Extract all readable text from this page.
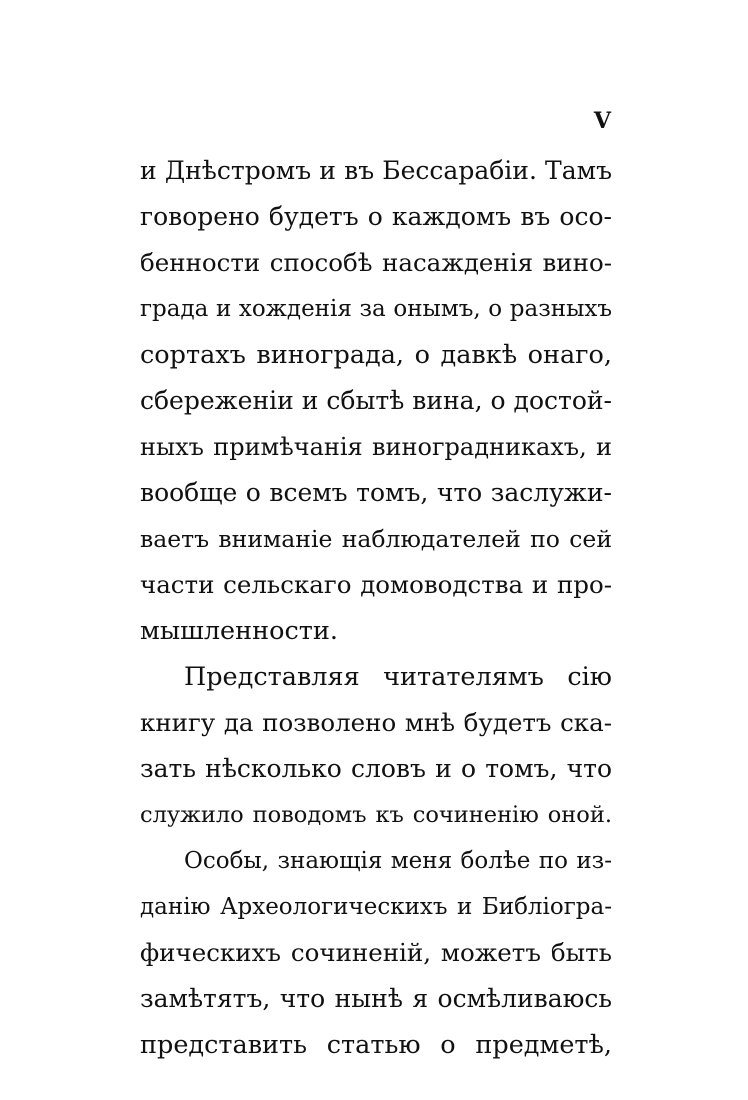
V
и Днѣстромъ и въ Бессарабіи. Тамъ
говорено будетъ о каждомъ въ осо-
бенности способѣ насажденія вино-
града и хожденія за онымъ, о разныхъ
сортахъ винограда, о давкѣ онаго,
сбереженіи и сбытѣ вина, о достой-
ныхъ примѣчанія виноградникахъ, и
вообще о всемъ томъ, что заслужи-
ваетъ вниманіе наблюдателей по сей
части сельскаго домоводства и про-
мышленности.
Представляя читателямъ сію
книгу да позволено мнѣ будетъ ска-
зать нѣсколько словъ и о томъ, что
служило поводомъ къ сочиненію оной.
Особы, знающія меня болѣе по из-
данію Археологическихъ и Библіогра-
фическихъ сочиненій, можетъ быть
замѣтятъ, что нынѣ я осмѣливаюсь
представить статью о предметѣ,
